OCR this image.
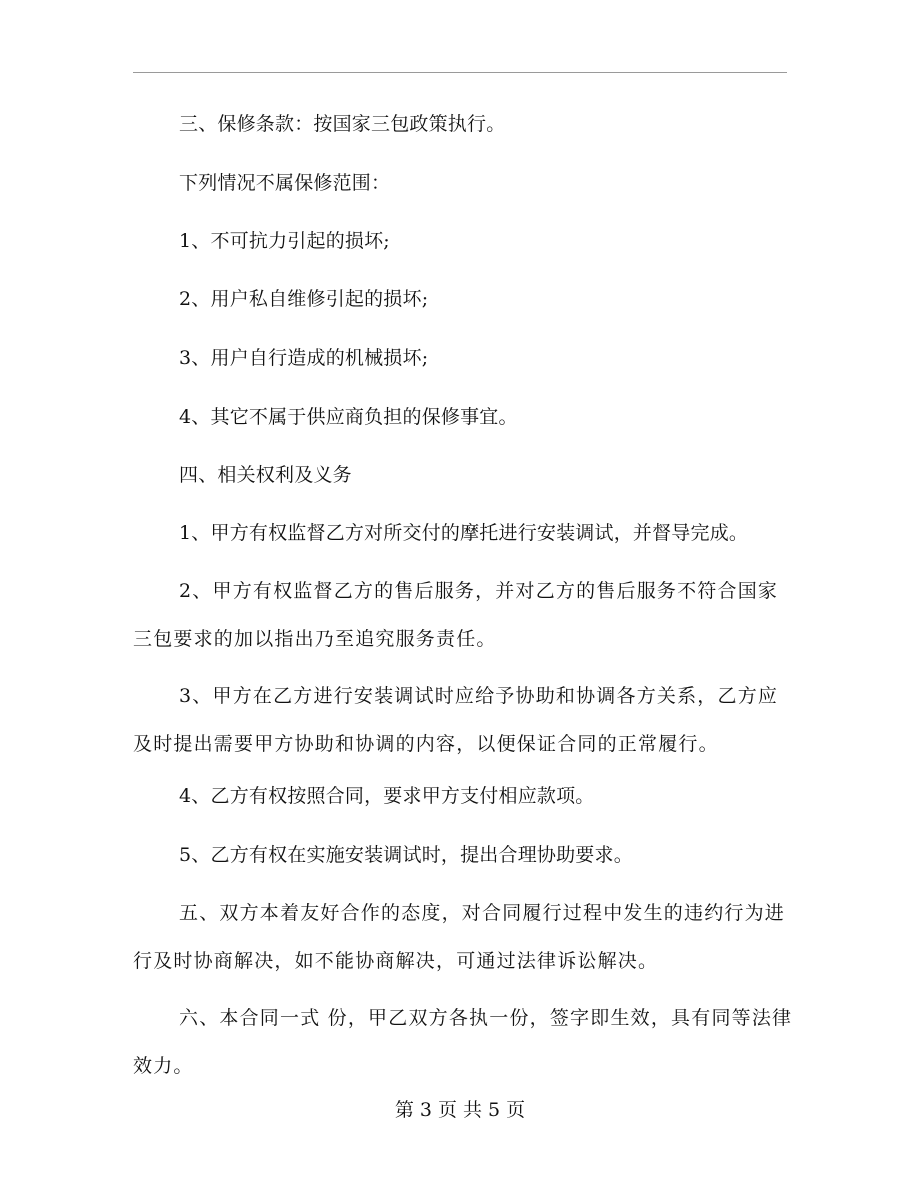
三、保修条款：按国家三包政策执行。
下列情况不属保修范围：
1、不可抗力引起的损坏;
2、用户私自维修引起的损坏;
3、用户自行造成的机械损坏;
4、其它不属于供应商负担的保修事宜。
四、相关权利及义务
1、甲方有权监督乙方对所交付的摩托进行安装调试，并督导完成。
2、甲方有权监督乙方的售后服务，并对乙方的售后服务不符合国家三包要求的加以指出乃至追究服务责任。
3、甲方在乙方进行安装调试时应给予协助和协调各方关系，乙方应及时提出需要甲方协助和协调的内容，以便保证合同的正常履行。
4、乙方有权按照合同，要求甲方支付相应款项。
5、乙方有权在实施安装调试时，提出合理协助要求。
五、双方本着友好合作的态度，对合同履行过程中发生的违约行为进行及时协商解决，如不能协商解决，可通过法律诉讼解决。
六、本合同一式 份，甲乙双方各执一份，签字即生效，具有同等法律效力。
第 3 页 共 5 页
